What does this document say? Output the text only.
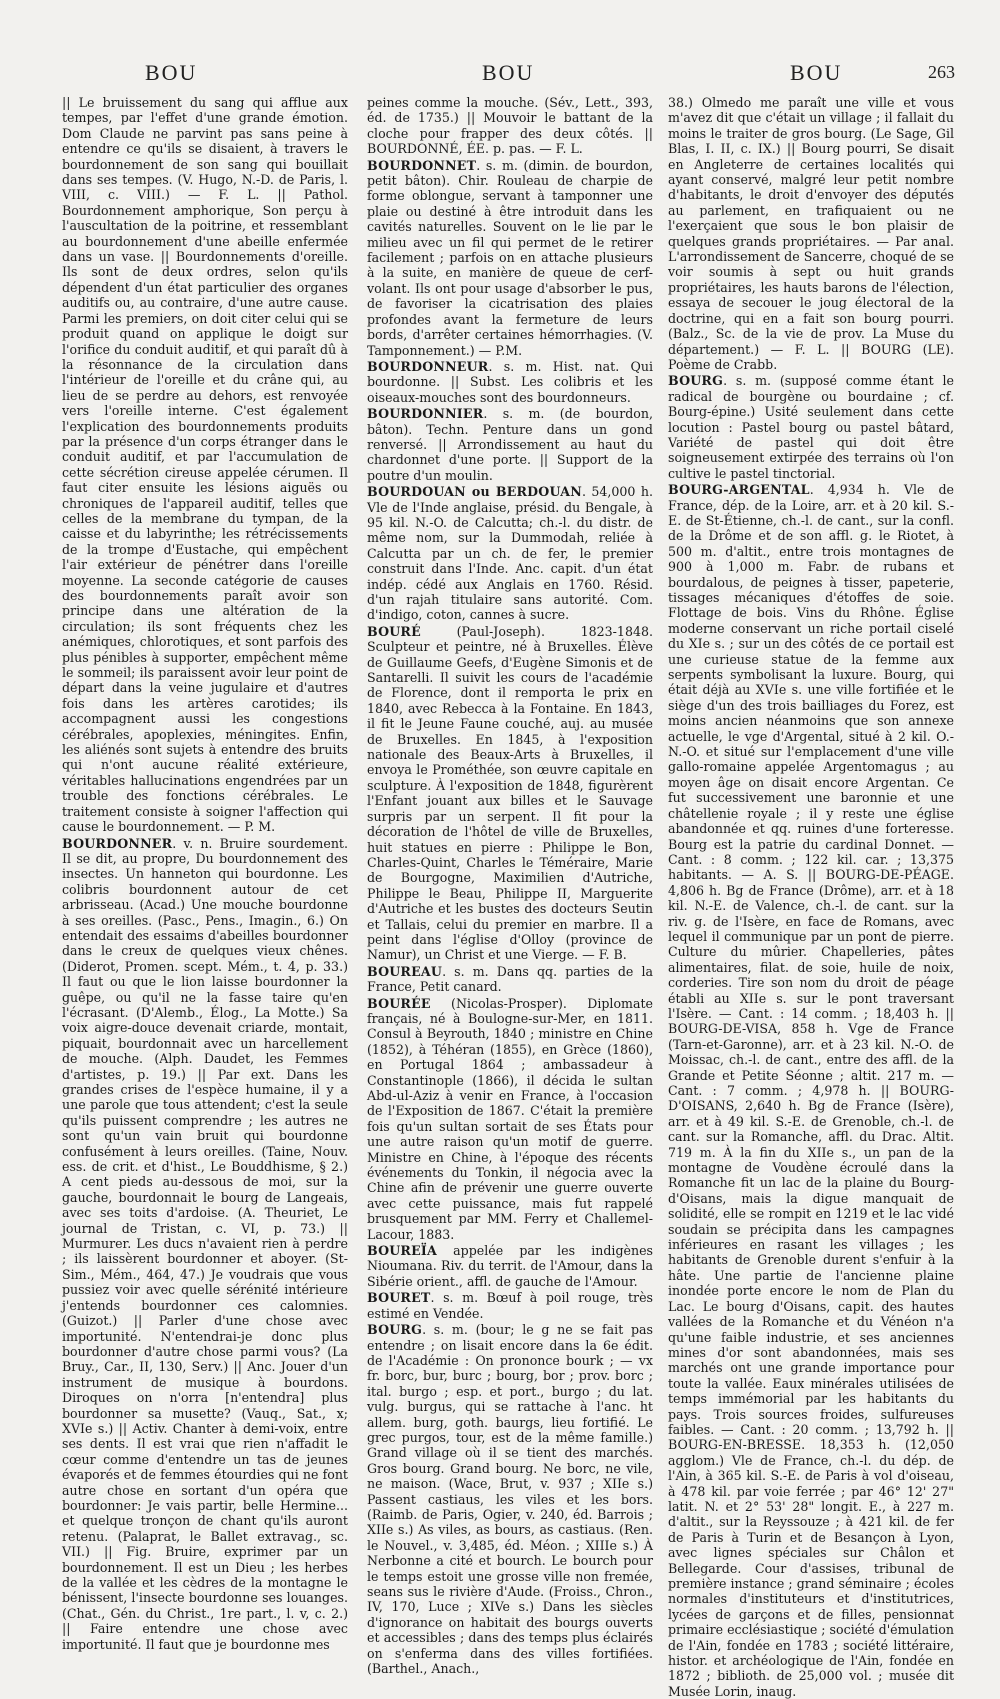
BOU	BOU	BOU	263

|| Le bruissement du sang qui afflue aux tempes, par l'effet d'une grande émotion. Dom Claude ne parvint pas sans peine à entendre ce qu'ils se disaient, à travers le bourdonnement de son sang qui bouillait dans ses tempes. (V. Hugo, N.-D. de Paris, l. VIII, c. VIII.) — F. L. || Pathol. Bourdonnement amphorique, Son perçu à l'auscultation de la poitrine, et ressemblant au bourdonnement d'une abeille enfermée dans un vase. || Bourdonnements d'oreille. Ils sont de deux ordres, selon qu'ils dépendent d'un état particulier des organes auditifs ou, au contraire, d'une autre cause. Parmi les premiers, on doit citer celui qui se produit quand on applique le doigt sur l'orifice du conduit auditif, et qui paraît dû à la résonnance de la circulation dans l'intérieur de l'oreille et du crâne qui, au lieu de se perdre au dehors, est renvoyée vers l'oreille interne. C'est également l'explication des bourdonnements produits par la présence d'un corps étranger dans le conduit auditif, et par l'accumulation de cette sécrétion cireuse appelée cérumen. Il faut citer ensuite les lésions aiguës ou chroniques de l'appareil auditif, telles que celles de la membrane du tympan, de la caisse et du labyrinthe; les rétrécissements de la trompe d'Eustache, qui empêchent l'air extérieur de pénétrer dans l'oreille moyenne. La seconde catégorie de causes des bourdonnements paraît avoir son principe dans une altération de la circulation; ils sont fréquents chez les anémiques, chlorotiques, et sont parfois des plus pénibles à supporter, empêchent même le sommeil; ils paraissent avoir leur point de départ dans la veine jugulaire et d'autres fois dans les artères carotides; ils accompagnent aussi les congestions cérébrales, apoplexies, méningites. Enfin, les aliénés sont sujets à entendre des bruits qui n'ont aucune réalité extérieure, véritables hallucinations engendrées par un trouble des fonctions cérébrales. Le traitement consiste à soigner l'affection qui cause le bourdonnement. — P. M.

BOURDONNER. v. n. Bruire sourdement. Il se dit, au propre, Du bourdonnement des insectes. Un hanneton qui bourdonne. Les colibris bourdonnent autour de cet arbrisseau. (Acad.) Une mouche bourdonne à ses oreilles. (Pasc., Pens., Imagin., 6.) On entendait des essaims d'abeilles bourdonner dans le creux de quelques vieux chênes. (Diderot, Promen. scept. Mém., t. 4, p. 33.) Il faut ou que le lion laisse bourdonner la guêpe, ou qu'il ne la fasse taire qu'en l'écrasant. (D'Alemb., Élog., La Motte.) Sa voix aigre-douce devenait criarde, montait, piquait, bourdonnait avec un harcellement de mouche. (Alph. Daudet, les Femmes d'artistes, p. 19.) || Par ext. Dans les grandes crises de l'espèce humaine, il y a une parole que tous attendent; c'est la seule qu'ils puissent comprendre ; les autres ne sont qu'un vain bruit qui bourdonne confusément à leurs oreilles. (Taine, Nouv. ess. de crit. et d'hist., Le Bouddhisme, § 2.) A cent pieds au-dessous de moi, sur la gauche, bourdonnait le bourg de Langeais, avec ses toits d'ardoise. (A. Theuriet, Le journal de Tristan, c. VI, p. 73.) || Murmurer. Les ducs n'avaient rien à perdre ; ils laissèrent bourdonner et aboyer. (St-Sim., Mém., 464, 47.) Je voudrais que vous pussiez voir avec quelle sérénité intérieure j'entends bourdonner ces calomnies. (Guizot.) || Parler d'une chose avec importunité. N'entendrai-je donc plus bourdonner d'autre chose parmi vous? (La Bruy., Car., II, 130, Serv.) || Anc. Jouer d'un instrument de musique à bourdons. Diroques on n'orra [n'entendra] plus bourdonner sa musette? (Vauq., Sat., x; XVIe s.) || Activ. Chanter à demi-voix, entre ses dents. Il est vrai que rien n'affadit le cœur comme d'entendre un tas de jeunes évaporés et de femmes étourdies qui ne font autre chose en sortant d'un opéra que bourdonner: Je vais partir, belle Hermine... et quelque tronçon de chant qu'ils auront retenu. (Palaprat, le Ballet extravag., sc. VII.) || Fig. Bruire, exprimer par un bourdonnement. Il est un Dieu ; les herbes de la vallée et les cèdres de la montagne le bénissent, l'insecte bourdonne ses louanges. (Chat., Gén. du Christ., 1re part., l. v, c. 2.) || Faire entendre une chose avec importunité. Il faut que je bourdonne mes

peines comme la mouche. (Sév., Lett., 393, éd. de 1735.) || Mouvoir le battant de la cloche pour frapper des deux côtés. || BOURDONNÉ, ÉE. p. pas. — F. L.

BOURDONNET. s. m. (dimin. de bourdon, petit bâton). Chir. Rouleau de charpie de forme oblongue, servant à tamponner une plaie ou destiné à être introduit dans les cavités naturelles. Souvent on le lie par le milieu avec un fil qui permet de le retirer facilement ; parfois on en attache plusieurs à la suite, en manière de queue de cerf-volant. Ils ont pour usage d'absorber le pus, de favoriser la cicatrisation des plaies profondes avant la fermeture de leurs bords, d'arrêter certaines hémorrhagies. (V. Tamponnement.) — P.M.

BOURDONNEUR. s. m. Hist. nat. Qui bourdonne. || Subst. Les colibris et les oiseaux-mouches sont des bourdonneurs.

BOURDONNIER. s. m. (de bourdon, bâton). Techn. Penture dans un gond renversé. || Arrondissement au haut du chardonnet d'une porte. || Support de la poutre d'un moulin.

BOURDOUAN ou BERDOUAN. 54,000 h. Vle de l'Inde anglaise, présid. du Bengale, à 95 kil. N.-O. de Calcutta; ch.-l. du distr. de même nom, sur la Dummodah, reliée à Calcutta par un ch. de fer, le premier construit dans l'Inde. Anc. capit. d'un état indép. cédé aux Anglais en 1760. Résid. d'un rajah titulaire sans autorité. Com. d'indigo, coton, cannes à sucre.

BOURÉ (Paul-Joseph). 1823-1848. Sculpteur et peintre, né à Bruxelles. Élève de Guillaume Geefs, d'Eugène Simonis et de Santarelli. Il suivit les cours de l'académie de Florence, dont il remporta le prix en 1840, avec Rebecca à la Fontaine. En 1843, il fit le Jeune Faune couché, auj. au musée de Bruxelles. En 1845, à l'exposition nationale des Beaux-Arts à Bruxelles, il envoya le Prométhée, son œuvre capitale en sculpture. À l'exposition de 1848, figurèrent l'Enfant jouant aux billes et le Sauvage surpris par un serpent. Il fit pour la décoration de l'hôtel de ville de Bruxelles, huit statues en pierre : Philippe le Bon, Charles-Quint, Charles le Téméraire, Marie de Bourgogne, Maximilien d'Autriche, Philippe le Beau, Philippe II, Marguerite d'Autriche et les bustes des docteurs Seutin et Tallais, celui du premier en marbre. Il a peint dans l'église d'Olloy (province de Namur), un Christ et une Vierge. — F. B.

BOUREAU. s. m. Dans qq. parties de la France, Petit canard.

BOURÉE (Nicolas-Prosper). Diplomate français, né à Boulogne-sur-Mer, en 1811. Consul à Beyrouth, 1840 ; ministre en Chine (1852), à Téhéran (1855), en Grèce (1860), en Portugal 1864 ; ambassadeur à Constantinople (1866), il décida le sultan Abd-ul-Aziz à venir en France, à l'occasion de l'Exposition de 1867. C'était la première fois qu'un sultan sortait de ses États pour une autre raison qu'un motif de guerre. Ministre en Chine, à l'époque des récents événements du Tonkin, il négocia avec la Chine afin de prévenir une guerre ouverte avec cette puissance, mais fut rappelé brusquement par MM. Ferry et Challemel-Lacour, 1883.

BOUREÏA appelée par les indigènes Nioumana. Riv. du territ. de l'Amour, dans la Sibérie orient., affl. de gauche de l'Amour.

BOURET. s. m. Bœuf à poil rouge, très estimé en Vendée.

BOURG. s. m. (bour; le g ne se fait pas entendre ; on lisait encore dans la 6e édit. de l'Académie : On prononce bourk ; — vx fr. borc, bur, burc ; bourg, bor ; prov. borc ; ital. burgo ; esp. et port., burgo ; du lat. vulg. burgus, qui se rattache à l'anc. ht allem. burg, goth. baurgs, lieu fortifié. Le grec purgos, tour, est de la même famille.) Grand village où il se tient des marchés. Gros bourg. Grand bourg. Ne borc, ne vile, ne maison. (Wace, Brut, v. 937 ; XIIe s.) Passent castiaus, les viles et les bors. (Raimb. de Paris, Ogier, v. 240, éd. Barrois ; XIIe s.) As viles, as bours, as castiaus. (Ren. le Nouvel., v. 3,485, éd. Méon. ; XIIIe s.) À Nerbonne a cité et bourch. Le bourch pour le temps estoit une grosse ville non fremée, seans sus le rivière d'Aude. (Froiss., Chron., IV, 170, Luce ; XIVe s.) Dans les siècles d'ignorance on habitait des bourgs ouverts et accessibles ; dans des temps plus éclairés on s'enferma dans des villes fortifiées. (Barthel., Anach.,

38.) Olmedo me paraît une ville et vous m'avez dit que c'était un village ; il fallait du moins le traiter de gros bourg. (Le Sage, Gil Blas, I. II, c. IX.) || Bourg pourri, Se disait en Angleterre de certaines localités qui ayant conservé, malgré leur petit nombre d'habitants, le droit d'envoyer des députés au parlement, en trafiquaient ou ne l'exerçaient que sous le bon plaisir de quelques grands propriétaires. — Par anal. L'arrondissement de Sancerre, choqué de se voir soumis à sept ou huit grands propriétaires, les hauts barons de l'élection, essaya de secouer le joug électoral de la doctrine, qui en a fait son bourg pourri. (Balz., Sc. de la vie de prov. La Muse du département.) — F. L. || BOURG (LE). Poème de Crabb.

BOURG. s. m. (supposé comme étant le radical de bourgène ou bourdaine ; cf. Bourg-épine.) Usité seulement dans cette locution : Pastel bourg ou pastel bâtard, Variété de pastel qui doit être soigneusement extirpée des terrains où l'on cultive le pastel tinctorial.

BOURG-ARGENTAL. 4,934 h. Vle de France, dép. de la Loire, arr. et à 20 kil. S.-E. de St-Étienne, ch.-l. de cant., sur la confl. de la Drôme et de son affl. g. le Riotet, à 500 m. d'altit., entre trois montagnes de 900 à 1,000 m. Fabr. de rubans et bourdalous, de peignes à tisser, papeterie, tissages mécaniques d'étoffes de soie. Flottage de bois. Vins du Rhône. Église moderne conservant un riche portail ciselé du XIe s. ; sur un des côtés de ce portail est une curieuse statue de la femme aux serpents symbolisant la luxure. Bourg, qui était déjà au XVIe s. une ville fortifiée et le siège d'un des trois bailliages du Forez, est moins ancien néanmoins que son annexe actuelle, le vge d'Argental, situé à 2 kil. O.-N.-O. et situé sur l'emplacement d'une ville gallo-romaine appelée Argentomagus ; au moyen âge on disait encore Argentan. Ce fut successivement une baronnie et une châtellenie royale ; il y reste une église abandonnée et qq. ruines d'une forteresse. Bourg est la patrie du cardinal Donnet. — Cant. : 8 comm. ; 122 kil. car. ; 13,375 habitants. — A. S. || BOURG-DE-PÉAGE. 4,806 h. Bg de France (Drôme), arr. et à 18 kil. N.-E. de Valence, ch.-l. de cant. sur la riv. g. de l'Isère, en face de Romans, avec lequel il communique par un pont de pierre. Culture du mûrier. Chapelleries, pâtes alimentaires, filat. de soie, huile de noix, corderies. Tire son nom du droit de péage établi au XIIe s. sur le pont traversant l'Isère. — Cant. : 14 comm. ; 18,403 h. || BOURG-DE-VISA, 858 h. Vge de France (Tarn-et-Garonne), arr. et à 23 kil. N.-O. de Moissac, ch.-l. de cant., entre des affl. de la Grande et Petite Séonne ; altit. 217 m. — Cant. : 7 comm. ; 4,978 h. || BOURG-D'OISANS, 2,640 h. Bg de France (Isère), arr. et à 49 kil. S.-E. de Grenoble, ch.-l. de cant. sur la Romanche, affl. du Drac. Altit. 719 m. À la fin du XIIe s., un pan de la montagne de Voudène écroulé dans la Romanche fit un lac de la plaine du Bourg-d'Oisans, mais la digue manquait de solidité, elle se rompit en 1219 et le lac vidé soudain se précipita dans les campagnes inférieures en rasant les villages ; les habitants de Grenoble durent s'enfuir à la hâte. Une partie de l'ancienne plaine inondée porte encore le nom de Plan du Lac. Le bourg d'Oisans, capit. des hautes vallées de la Romanche et du Vénéon n'a qu'une faible industrie, et ses anciennes mines d'or sont abandonnées, mais ses marchés ont une grande importance pour toute la vallée. Eaux minérales utilisées de temps immémorial par les habitants du pays. Trois sources froides, sulfureuses faibles. — Cant. : 20 comm. ; 13,792 h. || BOURG-EN-BRESSE. 18,353 h. (12,050 agglom.) Vle de France, ch.-l. du dép. de l'Ain, à 365 kil. S.-E. de Paris à vol d'oiseau, à 478 kil. par voie ferrée ; par 46° 12' 27" latit. N. et 2° 53' 28" longit. E., à 227 m. d'altit., sur la Reyssouze ; à 421 kil. de fer de Paris à Turin et de Besançon à Lyon, avec lignes spéciales sur Châlon et Bellegarde. Cour d'assises, tribunal de première instance ; grand séminaire ; écoles normales d'instituteurs et d'institutrices, lycées de garçons et de filles, pensionnat primaire ecclésiastique ; société d'émulation de l'Ain, fondée en 1783 ; société littéraire, histor. et archéologique de l'Ain, fondée en 1872 ; biblioth. de 25,000 vol. ; musée dit Musée Lorin, inaug.
